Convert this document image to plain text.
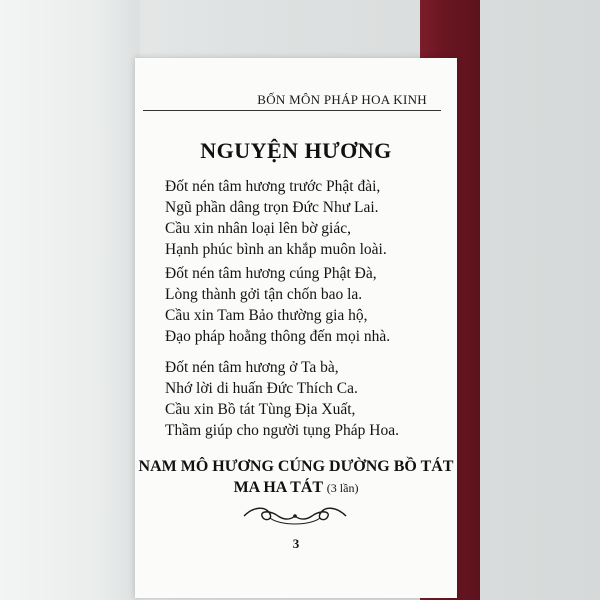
BỐN MÔN PHÁP HOA KINH
NGUYỆN HƯƠNG
Đốt nén tâm hương trước Phật đài,
Ngũ phần dâng trọn Đức Như Lai.
Cầu xin nhân loại lên bờ giác,
Hạnh phúc bình an khắp muôn loài.
Đốt nén tâm hương cúng Phật Đà,
Lòng thành gởi tận chốn bao la.
Cầu xin Tam Bảo thường gia hộ,
Đạo pháp hoằng thông đến mọi nhà.
Đốt nén tâm hương ở Ta bà,
Nhớ lời di huấn Đức Thích Ca.
Cầu xin Bồ tát Tùng Địa Xuất,
Thầm giúp cho người tụng Pháp Hoa.
NAM MÔ HƯƠNG CÚNG DƯỜNG BỒ TÁT
MA HA TÁT (3 lần)
3
